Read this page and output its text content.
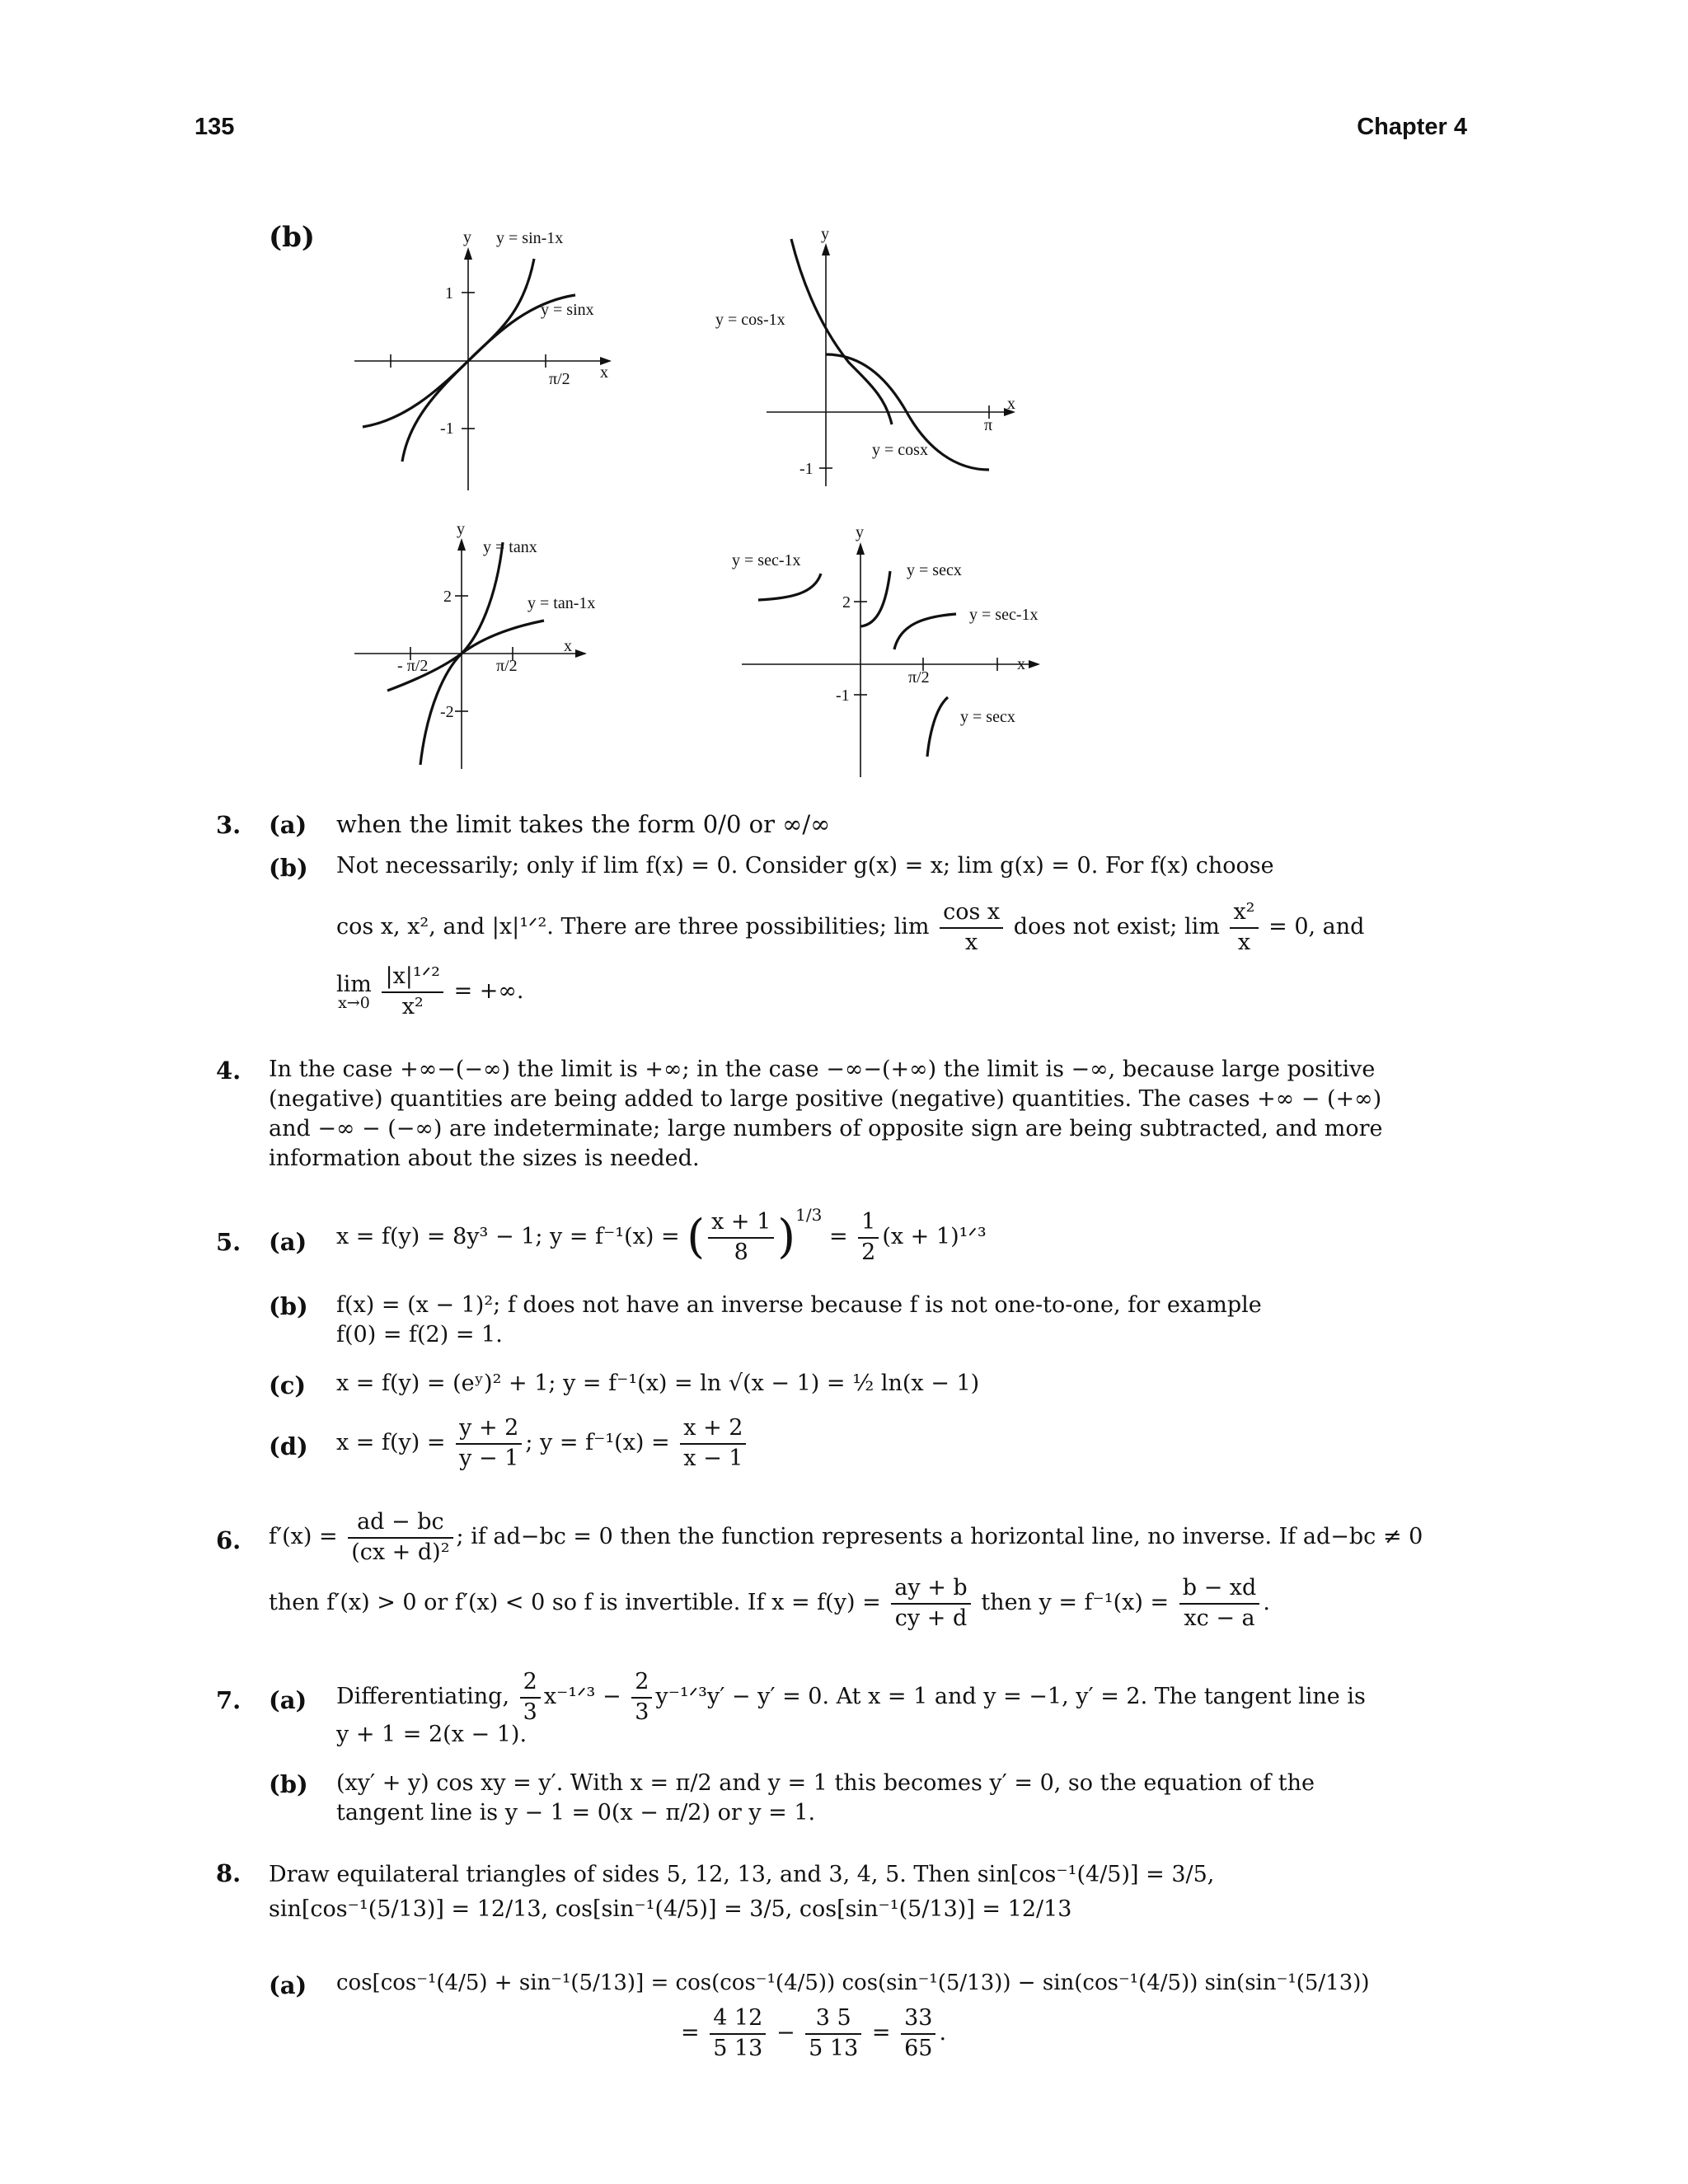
135	Chapter 4
(b)	y
x
y = sin-1x
y = sinx
1
-1
π/2
y
x
y = cos-1x
y = cosx
-1
π
y
x
y = tanx
y = tan-1x
2
-2
- π/2	π/2
y
x
y = sec-1x
y = secx
y = sec-1x
y = secx
2
-1
π/2
3. (a) when the limit takes the form 0/0 or ∞/∞
(b) Not necessarily; only if lim f(x) = 0. Consider g(x) = x; lim g(x) = 0. For f(x) choose
cos x, x², and |x|¹ᐟ². There are three possibilities; $\lim \frac{\text{cos x}}{x}$ does not exist; $\lim \frac{\text{x²}}{x} = 0$, and
lim
x→0
$\frac{\text{|x|¹ᐟ²}}{\text{x²}}$ = +∞.
4. In the case +∞−(−∞) the limit is +∞; in the case −∞−(+∞) the limit is −∞, because large positive
(negative) quantities are being added to large positive (negative) quantities. The cases +∞ − (+∞)
and −∞ − (−∞) are indeterminate; large numbers of opposite sign are being subtracted, and more
information about the sizes is needed.
5. (a) x = f(y) = 8y³ − 1; y = f⁻¹(x) = ( $\frac{x + 1}{8} )^{1/3} = \frac{1}{2} (x$ + 1)¹ᐟ³
(b) f(x) = (x − 1)²; f does not have an inverse because f is not one-to-one, for example
f(0) = f(2) = 1.
(c) x = f(y) = (eʸ)² + 1; y = f⁻¹(x) = ln √(x − 1) = ½ ln(x − 1)
(d) $x = f(y) = \frac{y + 2}{y - 1}$ ; $y = f^{-1}(x) = \frac{x + 2}{x - 1}$
6. $f'(x) = \frac{ad - bc}{\text{(cx + d)²}}$ ; if ad−bc = 0 then the function represents a horizontal line, no inverse. If ad−bc ≠ 0
then f′(x) > 0 or f′(x) < 0 so f is invertible. If $x = f(y) = \frac{ay + b}{cy + d}$ then $y = f^{-1}(x) = \frac{b - xd}{xc - a}$ .
7. (a) Differentiating, $\frac{2}{3}$ x⁻¹ᐟ³ − $\frac{2}{3}$ y⁻¹ᐟ³y′ − y′ = 0. At x = 1 and y = −1, y′ = 2. The tangent line is
y + 1 = 2(x − 1).
(b) (xy′ + y) cos xy = y′. With x = π/2 and y = 1 this becomes y′ = 0, so the equation of the
tangent line is y − 1 = 0(x − π/2) or y = 1.
8. Draw equilateral triangles of sides 5, 12, 13, and 3, 4, 5. Then sin[cos⁻¹(4/5)] = 3/5,
sin[cos⁻¹(5/13)] = 12/13, cos[sin⁻¹(4/5)] = 3/5, cos[sin⁻¹(5/13)] = 12/13
(a) cos[cos⁻¹(4/5) + sin⁻¹(5/13)] = cos(cos⁻¹(4/5)) cos(sin⁻¹(5/13)) − sin(cos⁻¹(4/5)) sin(sin⁻¹(5/13))
= $\frac{4 12}{5 13} - \frac{3 5}{5 13} = \frac{33}{65}$ .
